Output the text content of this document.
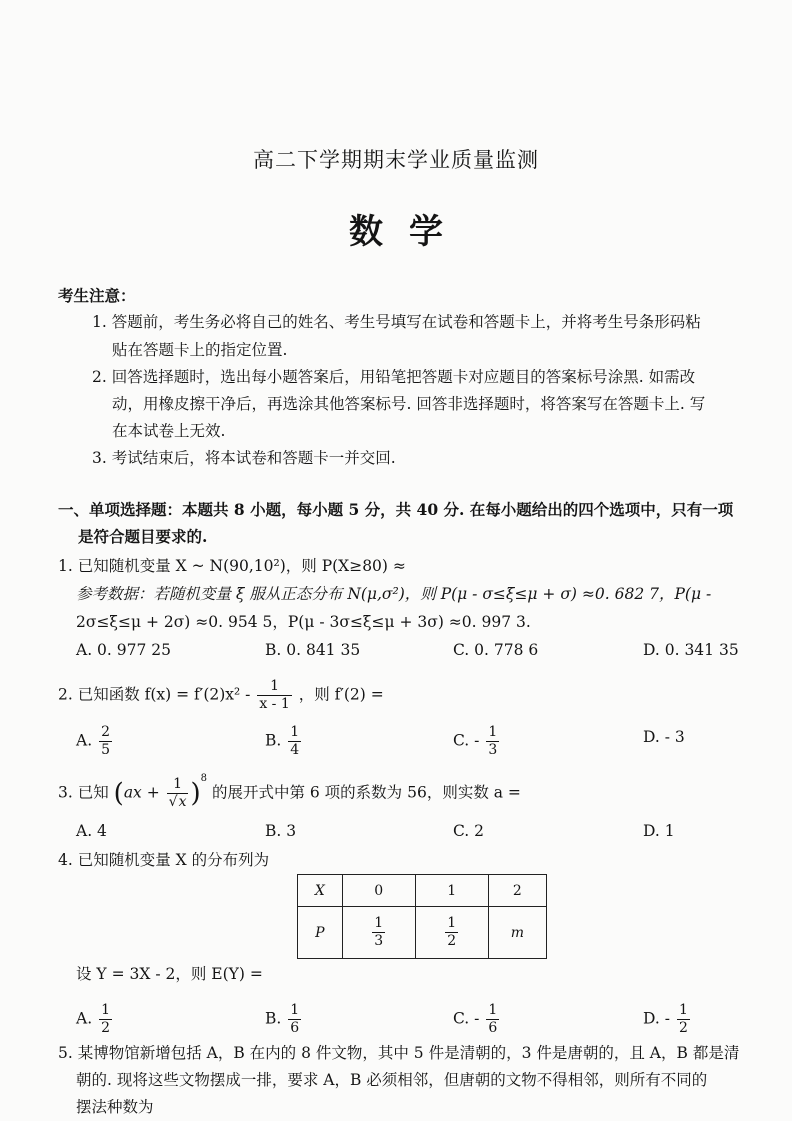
高二下学期期末学业质量监测
数学
考生注意：
1. 答题前，考生务必将自己的姓名、考生号填写在试卷和答题卡上，并将考生号条形码粘
贴在答题卡上的指定位置.
2. 回答选择题时，选出每小题答案后，用铅笔把答题卡对应题目的答案标号涂黑. 如需改
动，用橡皮擦干净后，再选涂其他答案标号. 回答非选择题时，将答案写在答题卡上. 写
在本试卷上无效.
3. 考试结束后，将本试卷和答题卡一并交回.
一、单项选择题：本题共 8 小题，每小题 5 分，共 40 分. 在每小题给出的四个选项中，只有一项
是符合题目要求的.
1. 已知随机变量 X ~ N(90,10²)，则 P(X≥80) ≈
参考数据：若随机变量 ξ 服从正态分布 N(μ,σ²)，则 P(μ - σ≤ξ≤μ + σ) ≈0. 682 7，P(μ -
2σ≤ξ≤μ + 2σ) ≈0. 954 5，P(μ - 3σ≤ξ≤μ + 3σ) ≈0. 997 3.
A. 0. 977 25	B. 0. 841 35	C. 0. 778 6	D. 0. 341 35
2. 已知函数 $f(x) = f'(2)x^2 - \frac{1}{x - 1}$ ，则 f′(2) =
A. $\frac{2}{5}$	B. $\frac{1}{4}$	C. - $\frac{1}{3}$	D. - 3
3. 已知 $(ax + \frac{1}{√x} )^8$ 的展开式中第 6 项的系数为 56，则实数 a =
A. 4	B. 3	C. 2	D. 1
4. 已知随机变量 X 的分布列为
X	0	1	2
P	$\frac{1}{3}$	$\frac{1}{2}$	m
设 Y = 3X - 2，则 E(Y) =
A. $\frac{1}{2}$	B. $\frac{1}{6}$	C. - $\frac{1}{6}$	D. - $\frac{1}{2}$
5. 某博物馆新增包括 A，B 在内的 8 件文物，其中 5 件是清朝的，3 件是唐朝的，且 A，B 都是清
朝的. 现将这些文物摆成一排，要求 A，B 必须相邻，但唐朝的文物不得相邻，则所有不同的
摆法种数为
